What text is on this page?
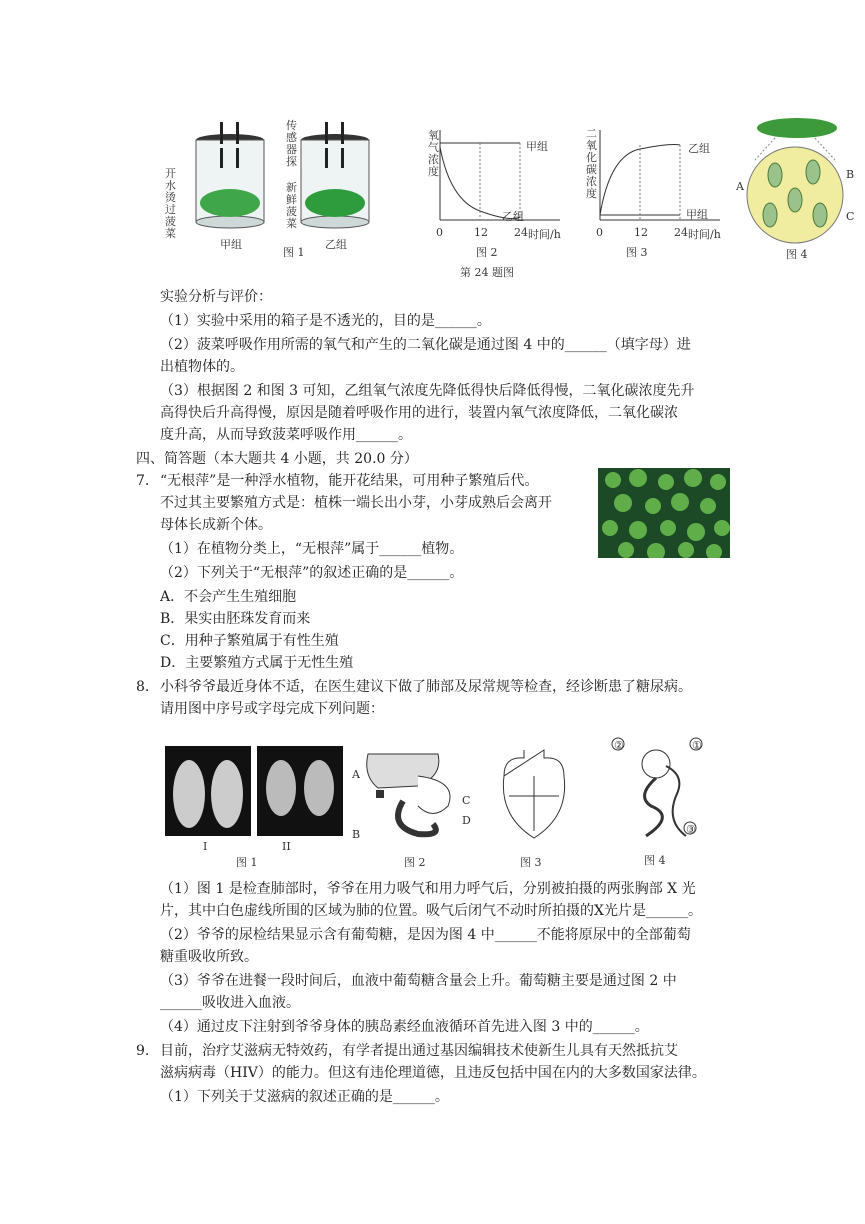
开水烫过菠菜
传感器探
新鲜菠菜
甲组	乙组
图 1
氧气浓度
甲组
乙组
0	12 24 时间/h
图 2
二氧化碳浓度
乙组
甲组
0	12 24 时间/h
图 3
A
B
C
图 4
第 24 题图
实验分析与评价：
（1）实验中采用的箱子是不透光的，目的是______。
（2）菠菜呼吸作用所需的氧气和产生的二氧化碳是通过图 4 中的______（填字母）进
出植物体的。
（3）根据图 2 和图 3 可知，乙组氧气浓度先降低得快后降低得慢，二氧化碳浓度先升
高得快后升高得慢，原因是随着呼吸作用的进行，装置内氧气浓度降低，二氧化碳浓
度升高，从而导致菠菜呼吸作用______。
四、简答题（本大题共 4 小题，共 20.0 分）
7. “无根萍”是一种浮水植物，能开花结果，可用种子繁殖后代。
不过其主要繁殖方式是：植株一端长出小芽，小芽成熟后会离开
母体长成新个体。
（1）在植物分类上，“无根萍”属于______植物。
（2）下列关于“无根萍”的叙述正确的是______。
A．不会产生生殖细胞
B．果实由胚珠发育而来
C．用种子繁殖属于有性生殖
D．主要繁殖方式属于无性生殖
8. 小科爷爷最近身体不适，在医生建议下做了肺部及尿常规等检查，经诊断患了糖尿病。
请用图中序号或字母完成下列问题：
I	II
图 1
A
B
C
D
图 2	图 3
②	①
③
图 4
（1）图 1 是检查肺部时，爷爷在用力吸气和用力呼气后，分别被拍摄的两张胸部 X 光
片，其中白色虚线所围的区域为肺的位置。吸气后闭气不动时所拍摄的X光片是______。
（2）爷爷的尿检结果显示含有葡萄糖，是因为图 4 中______不能将原尿中的全部葡萄
糖重吸收所致。
（3）爷爷在进餐一段时间后，血液中葡萄糖含量会上升。葡萄糖主要是通过图 2 中
______吸收进入血液。
（4）通过皮下注射到爷爷身体的胰岛素经血液循环首先进入图 3 中的______。
9. 目前，治疗艾滋病无特效药，有学者提出通过基因编辑技术使新生儿具有天然抵抗艾
滋病病毒（HIV）的能力。但这有违伦理道德，且违反包括中国在内的大多数国家法律。
（1）下列关于艾滋病的叙述正确的是______。
